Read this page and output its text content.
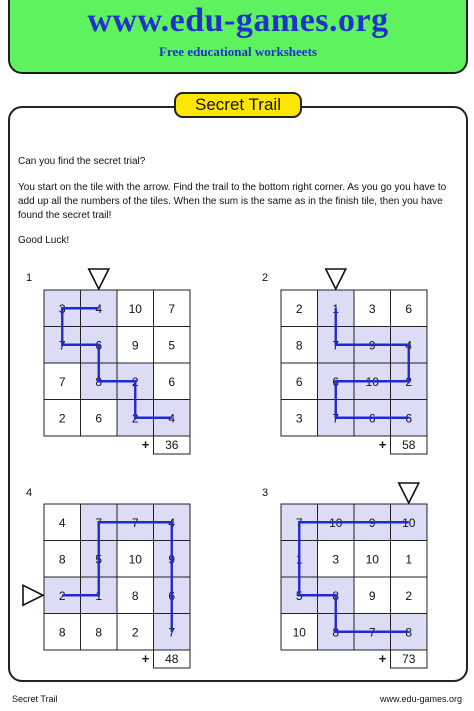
www.edu-games.org
Free educational worksheets
Secret Trail

Can you find the secret trial?

You start on the tile with the arrow. Find the trail to the bottom right corner. As you go you have to add up all the numbers of the tiles. When the sum is the same as in the finish tile, then you have found the secret trail!

Good Luck!

1
3 4 10 7
7 6 9 5
7 8 2 6
2 6 2 4
+ 36
2
2 1 3 6
8 7 9 4
6 6 10 2
3 7 6 6
+ 58
4
4 7 7 4
8 5 10 9
2 1 8 6
8 8 2 7
+ 48
3
7 10 9 10
1 3 10 1
5 8 9 2
10 8 7 8
+ 73
Secret Trail	www.edu-games.org
